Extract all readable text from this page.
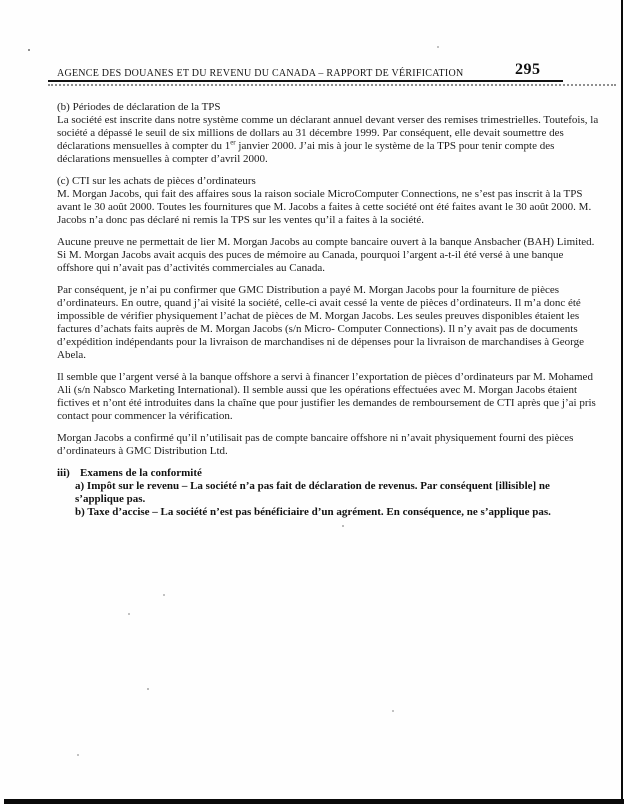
AGENCE DES DOUANES ET DU REVENU DU CANADA – RAPPORT DE VÉRIFICATION	295
(b) Périodes de déclaration de la TPS
La société est inscrite dans notre système comme un déclarant annuel devant verser des remises trimestrielles. Toutefois, la société a dépassé le seuil de six millions de dollars au 31 décembre 1999. Par conséquent, elle devait soumettre des déclarations mensuelles à compter du 1er janvier 2000. J’ai mis à jour le système de la TPS pour tenir compte des déclarations mensuelles à compter d’avril 2000.
(c) CTI sur les achats de pièces d’ordinateurs
M. Morgan Jacobs, qui fait des affaires sous la raison sociale MicroComputer Connections, ne s’est pas inscrit à la TPS avant le 30 août 2000. Toutes les fournitures que M. Jacobs a faites à cette société ont été faites avant le 30 août 2000. M. Jacobs n’a donc pas déclaré ni remis la TPS sur les ventes qu’il a faites à la société.
Aucune preuve ne permettait de lier M. Morgan Jacobs au compte bancaire ouvert à la banque Ansbacher (BAH) Limited. Si M. Morgan Jacobs avait acquis des puces de mémoire au Canada, pourquoi l’argent a-t-il été versé à une banque offshore qui n’avait pas d’activités commerciales au Canada.
Par conséquent, je n’ai pu confirmer que GMC Distribution a payé M. Morgan Jacobs pour la fourniture de pièces d’ordinateurs. En outre, quand j’ai visité la société, celle-ci avait cessé la vente de pièces d’ordinateurs. Il m’a donc été impossible de vérifier physiquement l’achat de pièces de M. Morgan Jacobs. Les seules preuves disponibles étaient les factures d’achats faits auprès de M. Morgan Jacobs (s/n Micro- Computer Connections). Il n’y avait pas de documents d’expédition indépendants pour la livraison de marchandises ni de dépenses pour la livraison de marchandises à George Abela.
Il semble que l’argent versé à la banque offshore a servi à financer l’exportation de pièces d’ordinateurs par M. Mohamed Ali (s/n Nabsco Marketing International). Il semble aussi que les opérations effectuées avec M. Morgan Jacobs étaient fictives et n’ont été introduites dans la chaîne que pour justifier les demandes de remboursement de CTI après que j’ai pris contact pour commencer la vérification.
Morgan Jacobs a confirmé qu’il n’utilisait pas de compte bancaire offshore ni n’avait physiquement fourni des pièces d’ordinateurs à GMC Distribution Ltd.
iii) Examens de la conformité
a) Impôt sur le revenu – La société n’a pas fait de déclaration de revenus. Par conséquent [illisible] ne s’applique pas.
b) Taxe d’accise – La société n’est pas bénéficiaire d’un agrément. En conséquence, ne s’applique pas.
